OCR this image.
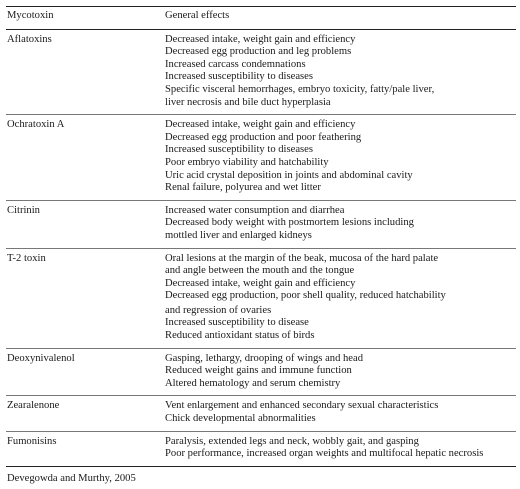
Mycotoxin	General effects
Aflatoxins	Decreased intake, weight gain and efficiency
Decreased egg production and leg problems
Increased carcass condemnations
Increased susceptibility to diseases
Specific visceral hemorrhages, embryo toxicity, fatty/pale liver,
liver necrosis and bile duct hyperplasia
Ochratoxin A	Decreased intake, weight gain and efficiency
Decreased egg production and poor feathering
Increased susceptibility to diseases
Poor embryo viability and hatchability
Uric acid crystal deposition in joints and abdominal cavity
Renal failure, polyurea and wet litter
Citrinin	Increased water consumption and diarrhea
Decreased body weight with postmortem lesions including
mottled liver and enlarged kidneys
T-2 toxin	Oral lesions at the margin of the beak, mucosa of the hard palate
and angle between the mouth and the tongue
Decreased intake, weight gain and efficiency
Decreased egg production, poor shell quality, reduced hatchability
and regression of ovaries
Increased susceptibility to disease
Reduced antioxidant status of birds
Deoxynivalenol	Gasping, lethargy, drooping of wings and head
Reduced weight gains and immune function
Altered hematology and serum chemistry
Zearalenone	Vent enlargement and enhanced secondary sexual characteristics
Chick developmental abnormalities
Fumonisins	Paralysis, extended legs and neck, wobbly gait, and gasping
Poor performance, increased organ weights and multifocal hepatic necrosis
Devegowda and Murthy, 2005
